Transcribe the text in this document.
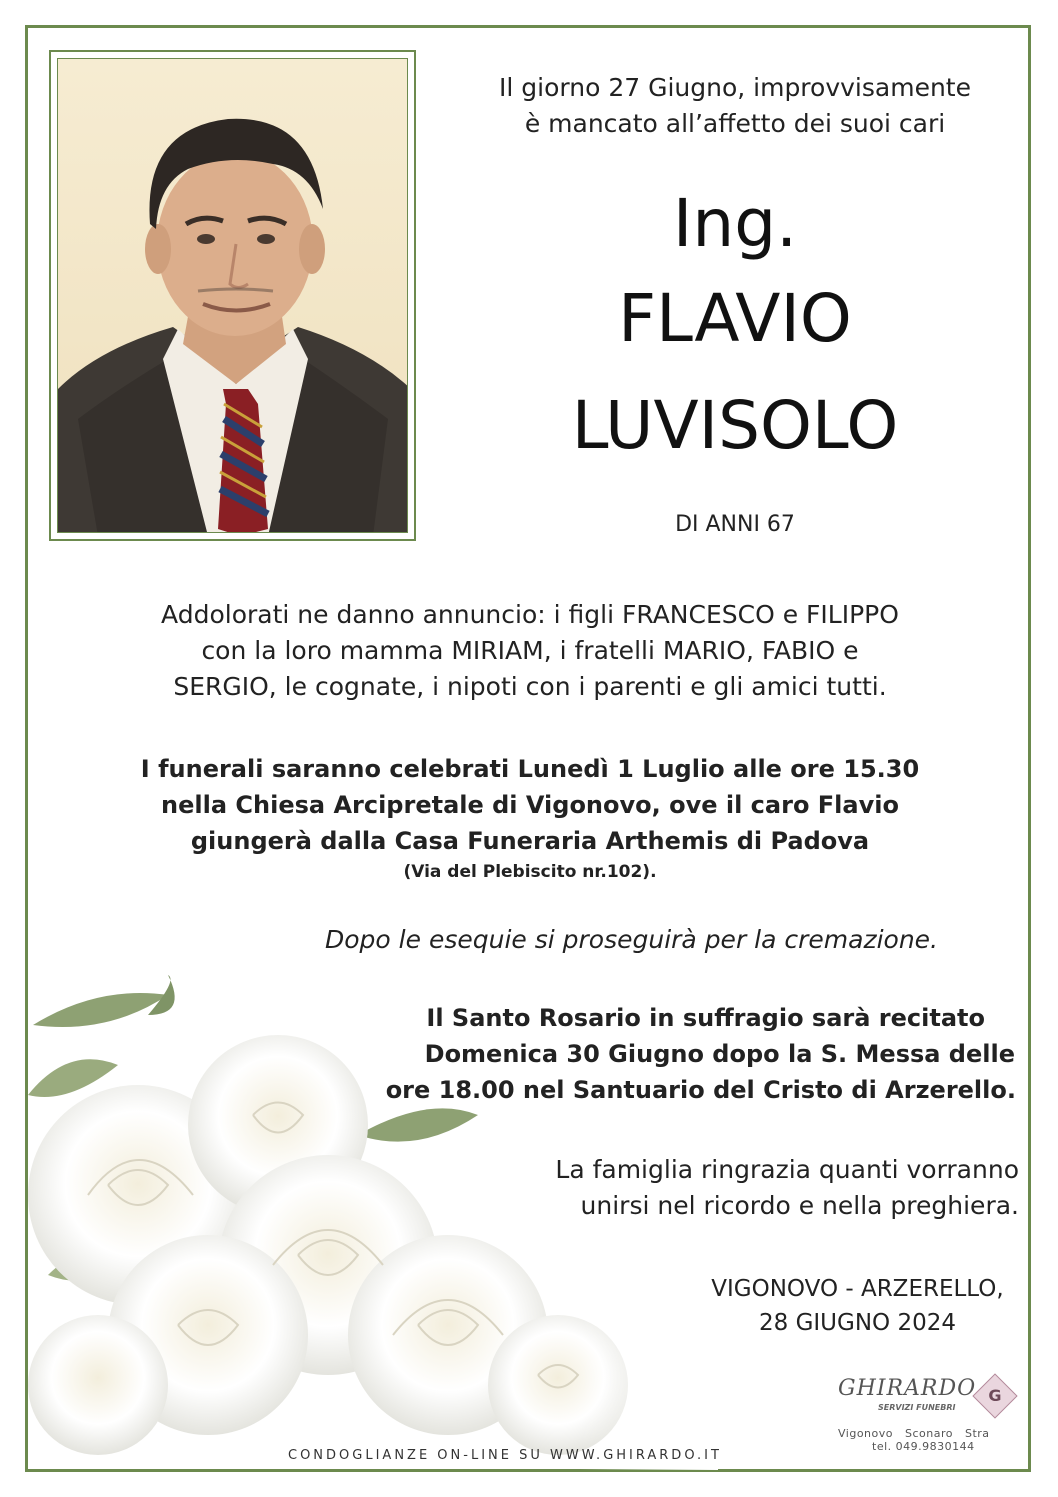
Il giorno 27 Giugno, improvvisamente
è mancato all’affetto dei suoi cari
Ing.
FLAVIO
LUVISOLO
DI ANNI 67
Addolorati ne danno annuncio: i figli FRANCESCO e FILIPPO
con la loro mamma MIRIAM, i fratelli MARIO, FABIO e
SERGIO, le cognate, i nipoti con i parenti e gli amici tutti.
I funerali saranno celebrati Lunedì 1 Luglio alle ore 15.30
nella Chiesa Arcipretale di Vigonovo, ove il caro Flavio
giungerà dalla Casa Funeraria Arthemis di Padova
(Via del Plebiscito nr.102).
Dopo le esequie si proseguirà per la cremazione.
Il Santo Rosario in suffragio sarà recitato
Domenica 30 Giugno dopo la S. Messa delle
ore 18.00 nel Santuario del Cristo di Arzerello.
La famiglia ringrazia quanti vorranno
unirsi nel ricordo e nella preghiera.
VIGONOVO - ARZERELLO,
28 GIUGNO 2024
GHIRARDO
SERVIZI FUNEBRI
G
Vigonovo   Sconaro   Stra
tel. 049.9830144
CONDOGLIANZE ON-LINE SU WWW.GHIRARDO.IT
